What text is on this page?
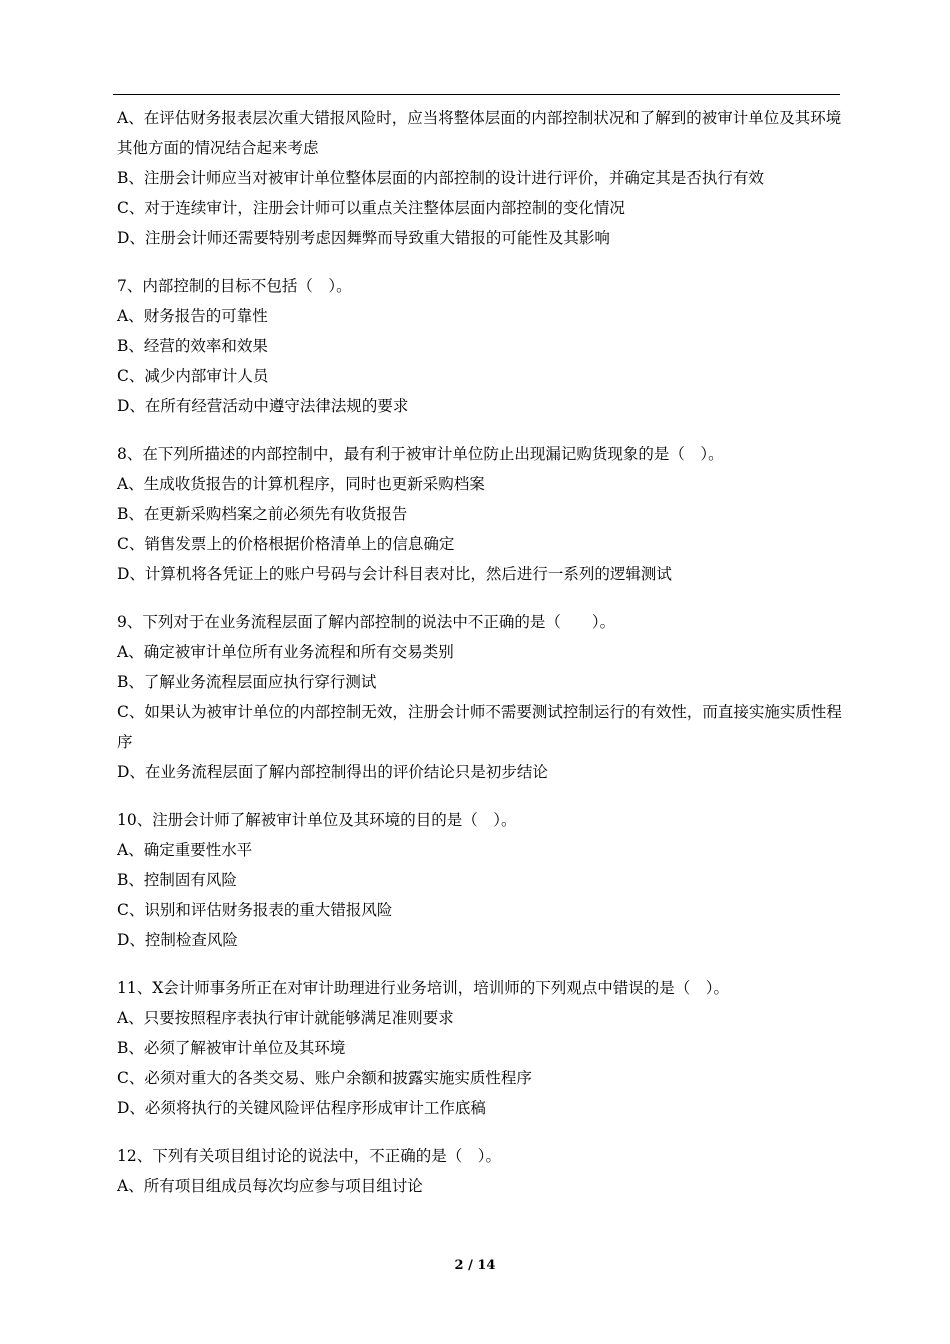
A、在评估财务报表层次重大错报风险时，应当将整体层面的内部控制状况和了解到的被审计单位及其环境其他方面的情况结合起来考虑
B、注册会计师应当对被审计单位整体层面的内部控制的设计进行评价，并确定其是否执行有效
C、对于连续审计，注册会计师可以重点关注整体层面内部控制的变化情况
D、注册会计师还需要特别考虑因舞弊而导致重大错报的可能性及其影响
7、内部控制的目标不包括（　）。
A、财务报告的可靠性
B、经营的效率和效果
C、减少内部审计人员
D、在所有经营活动中遵守法律法规的要求
8、在下列所描述的内部控制中，最有利于被审计单位防止出现漏记购货现象的是（　）。
A、生成收货报告的计算机程序，同时也更新采购档案
B、在更新采购档案之前必须先有收货报告
C、销售发票上的价格根据价格清单上的信息确定
D、计算机将各凭证上的账户号码与会计科目表对比，然后进行一系列的逻辑测试
9、下列对于在业务流程层面了解内部控制的说法中不正确的是（　　）。
A、确定被审计单位所有业务流程和所有交易类别
B、了解业务流程层面应执行穿行测试
C、如果认为被审计单位的内部控制无效，注册会计师不需要测试控制运行的有效性，而直接实施实质性程序
D、在业务流程层面了解内部控制得出的评价结论只是初步结论
10、注册会计师了解被审计单位及其环境的目的是（　）。
A、确定重要性水平
B、控制固有风险
C、识别和评估财务报表的重大错报风险
D、控制检查风险
11、X会计师事务所正在对审计助理进行业务培训，培训师的下列观点中错误的是（　）。
A、只要按照程序表执行审计就能够满足准则要求
B、必须了解被审计单位及其环境
C、必须对重大的各类交易、账户余额和披露实施实质性程序
D、必须将执行的关键风险评估程序形成审计工作底稿
12、下列有关项目组讨论的说法中，不正确的是（　）。
A、所有项目组成员每次均应参与项目组讨论
2 / 14
